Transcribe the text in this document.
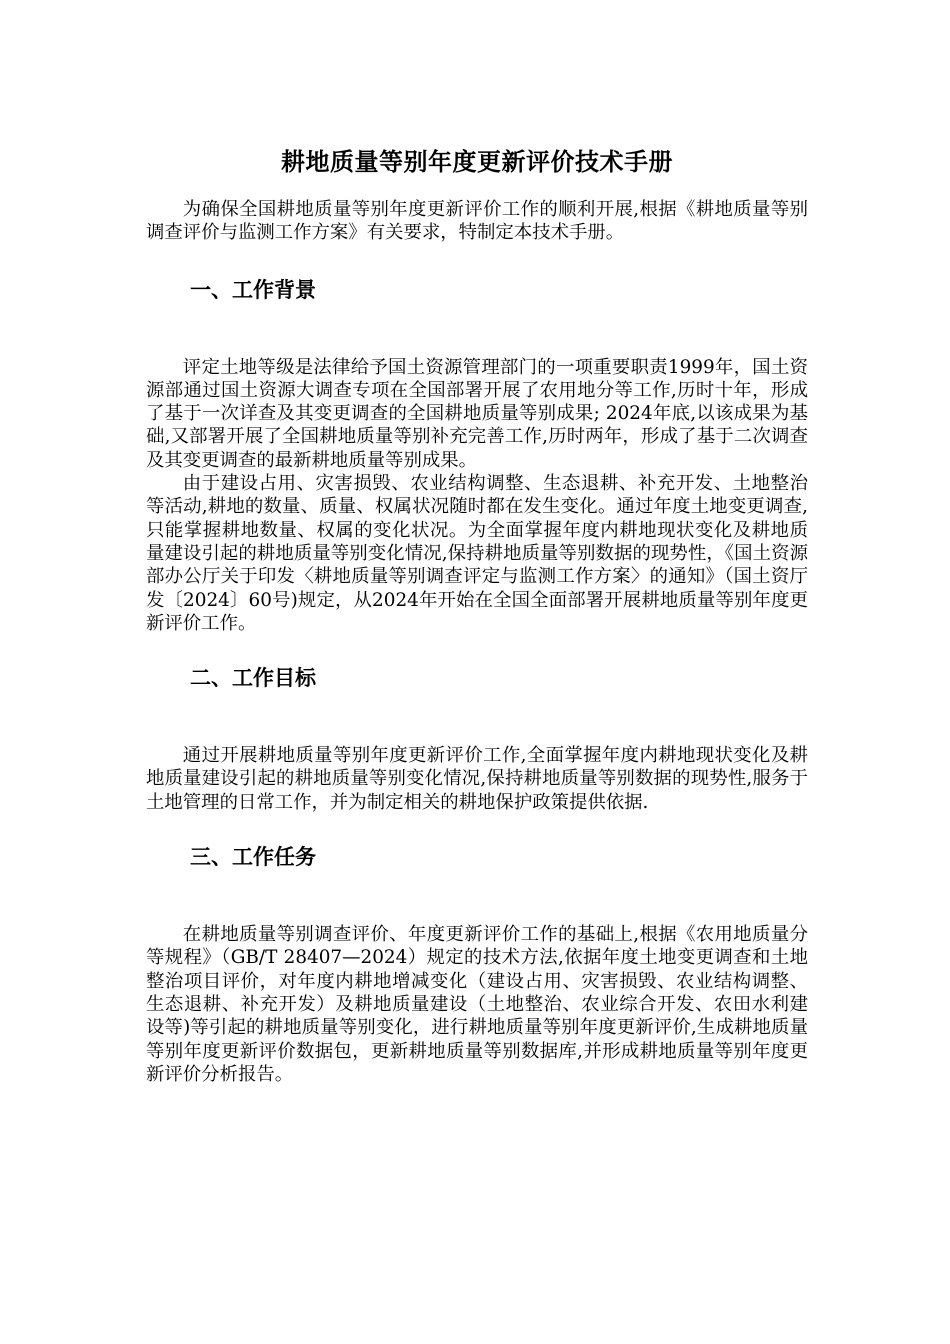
耕地质量等别年度更新评价技术手册

为确保全国耕地质量等别年度更新评价工作的顺利开展,根据《耕地质量等别调查评价与监测工作方案》有关要求，特制定本技术手册。

一、工作背景

评定土地等级是法律给予国土资源管理部门的一项重要职责1999年，国土资源部通过国土资源大调查专项在全国部署开展了农用地分等工作,历时十年，形成了基于一次详查及其变更调查的全国耕地质量等别成果; 2024年底,以该成果为基础,又部署开展了全国耕地质量等别补充完善工作,历时两年，形成了基于二次调查及其变更调查的最新耕地质量等别成果。

由于建设占用、灾害损毁、农业结构调整、生态退耕、补充开发、土地整治等活动,耕地的数量、质量、权属状况随时都在发生变化。通过年度土地变更调查,只能掌握耕地数量、权属的变化状况。为全面掌握年度内耕地现状变化及耕地质量建设引起的耕地质量等别变化情况,保持耕地质量等别数据的现势性，《国土资源部办公厅关于印发〈耕地质量等别调查评定与监测工作方案〉的通知》（国土资厅发〔2024〕60号)规定，从2024年开始在全国全面部署开展耕地质量等别年度更新评价工作。

二、工作目标

通过开展耕地质量等别年度更新评价工作,全面掌握年度内耕地现状变化及耕地质量建设引起的耕地质量等别变化情况,保持耕地质量等别数据的现势性,服务于土地管理的日常工作，并为制定相关的耕地保护政策提供依据.

三、工作任务

在耕地质量等别调查评价、年度更新评价工作的基础上,根据《农用地质量分等规程》（GB/T 28407—2024）规定的技术方法,依据年度土地变更调查和土地整治项目评价，对年度内耕地增减变化（建设占用、灾害损毁、农业结构调整、生态退耕、补充开发）及耕地质量建设（土地整治、农业综合开发、农田水利建设等)等引起的耕地质量等别变化，进行耕地质量等别年度更新评价,生成耕地质量等别年度更新评价数据包，更新耕地质量等别数据库,并形成耕地质量等别年度更新评价分析报告。
